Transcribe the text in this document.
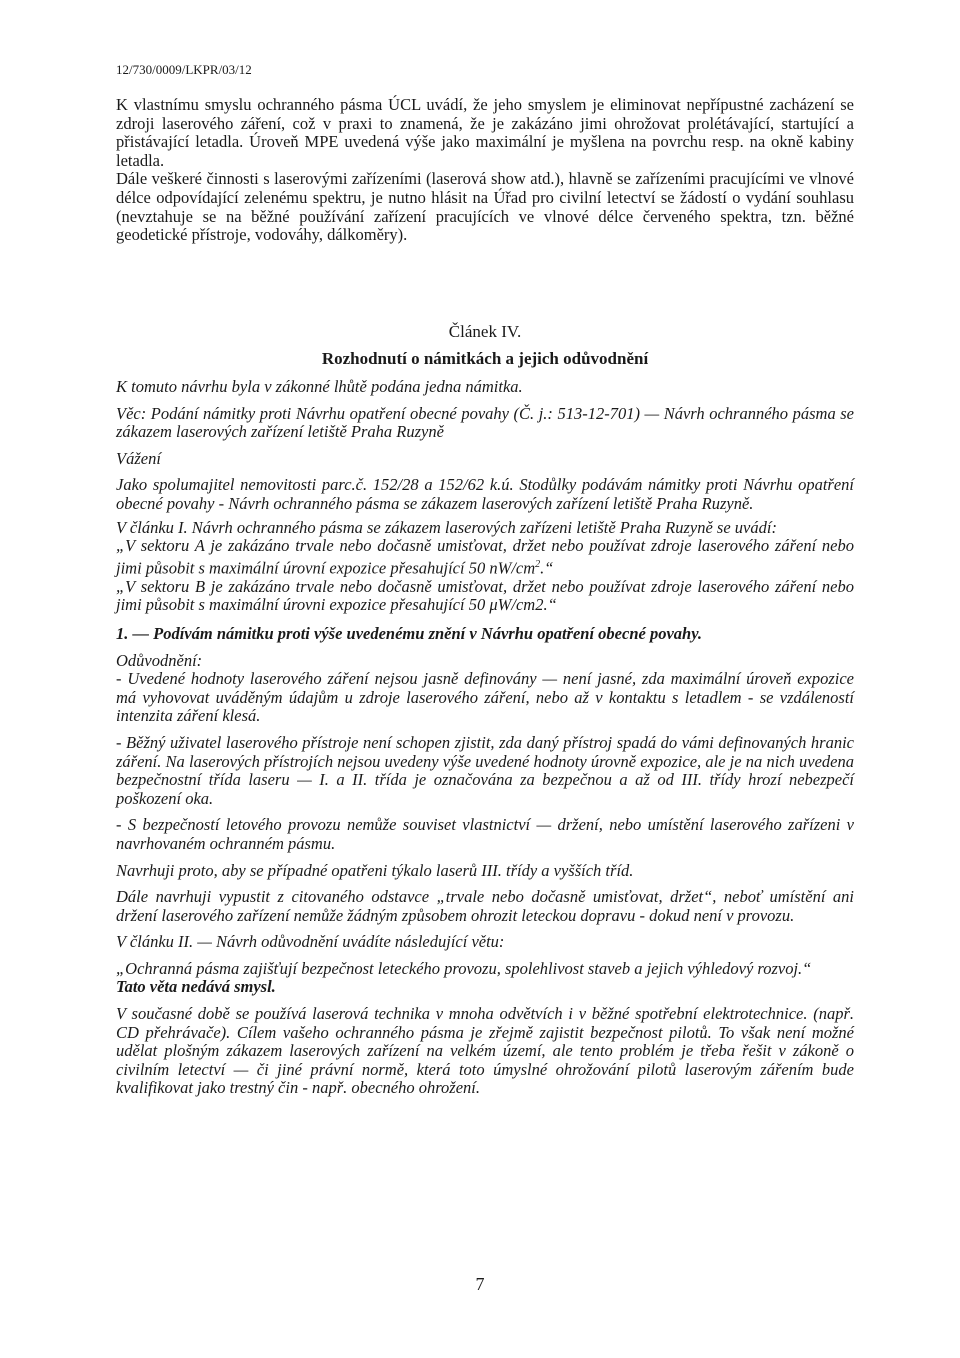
12/730/0009/LKPR/03/12

K vlastnímu smyslu ochranného pásma ÚCL uvádí, že jeho smyslem je eliminovat nepřípustné zacházení se zdroji laserového záření, což v praxi to znamená, že je zakázáno jimi ohrožovat prolétávající, startující a přistávající letadla. Úroveň MPE uvedená výše jako maximální je myšlena na povrchu resp. na okně kabiny letadla.

Dále veškeré činnosti s laserovými zařízeními (laserová show atd.), hlavně se zařízeními pracujícími ve vlnové délce odpovídající zelenému spektru, je nutno hlásit na Úřad pro civilní letectví se žádostí o vydání souhlasu (nevztahuje se na běžné používání zařízení pracujících ve vlnové délce červeného spektra, tzn. běžné geodetické přístroje, vodováhy, dálkoměry).

Článek IV.

Rozhodnutí o námitkách a jejich odůvodnění

K tomuto návrhu byla v zákonné lhůtě podána jedna námitka.

Věc: Podání námitky proti Návrhu opatření obecné povahy (Č. j.: 513-12-701) — Návrh ochranného pásma se zákazem laserových zařízení letiště Praha Ruzyně

Vážení

Jako spolumajitel nemovitosti parc.č. 152/28 a 152/62 k.ú. Stodůlky podávám námitky proti Návrhu opatření obecné povahy - Návrh ochranného pásma se zákazem laserových zařízení letiště Praha Ruzyně.

V článku I. Návrh ochranného pásma se zákazem laserových zařízeni letiště Praha Ruzyně se uvádí:

„V sektoru A je zakázáno trvale nebo dočasně umisťovat, držet nebo používat zdroje laserového záření nebo jimi působit s maximální úrovní expozice přesahující 50 $nW/cm^2.“$

„V sektoru B je zakázáno trvale nebo dočasně umisťovat, držet nebo používat zdroje laserového záření nebo jimi působit s maximální úrovni expozice přesahující 50 μW/cm2.“

1. — Podívám námitku proti výše uvedenému znění v Návrhu opatření obecné povahy.

Odůvodnění:

- Uvedené hodnoty laserového záření nejsou jasně definovány — není jasné, zda maximální úroveň expozice má vyhovovat uváděným údajům u zdroje laserového záření, nebo až v kontaktu s letadlem - se vzdáleností intenzita záření klesá.

- Běžný uživatel laserového přístroje není schopen zjistit, zda daný přístroj spadá do vámi definovaných hranic záření. Na laserových přístrojích nejsou uvedeny výše uvedené hodnoty úrovně expozice, ale je na nich uvedena bezpečnostní třída laseru — I. a II. třída je označována za bezpečnou a až od III. třídy hrozí nebezpečí poškození oka.

- S bezpečností letového provozu nemůže souviset vlastnictví — držení, nebo umístění laserového zařízeni v navrhovaném ochranném pásmu.

Navrhuji proto, aby se případné opatřeni týkalo laserů III. třídy a vyšších tříd.

Dále navrhuji vypustit z citovaného odstavce „trvale nebo dočasně umisťovat, držet“, neboť umístění ani držení laserového zařízení nemůže žádným způsobem ohrozit leteckou dopravu - dokud není v provozu.

V článku II. — Návrh odůvodnění uvádíte následující větu:

„Ochranná pásma zajišťují bezpečnost leteckého provozu, spolehlivost staveb a jejich výhledový rozvoj.“

Tato věta nedává smysl.

V současné době se používá laserová technika v mnoha odvětvích i v běžné spotřební elektrotechnice. (např. CD přehrávače). Cílem vašeho ochranného pásma je zřejmě zajistit bezpečnost pilotů. To však není možné udělat plošným zákazem laserových zařízení na velkém území, ale tento problém je třeba řešit v zákoně o civilním letectví — či jiné právní normě, která toto úmyslné ohrožování pilotů laserovým zářením bude kvalifikovat jako trestný čin - např. obecného ohrožení.

7
